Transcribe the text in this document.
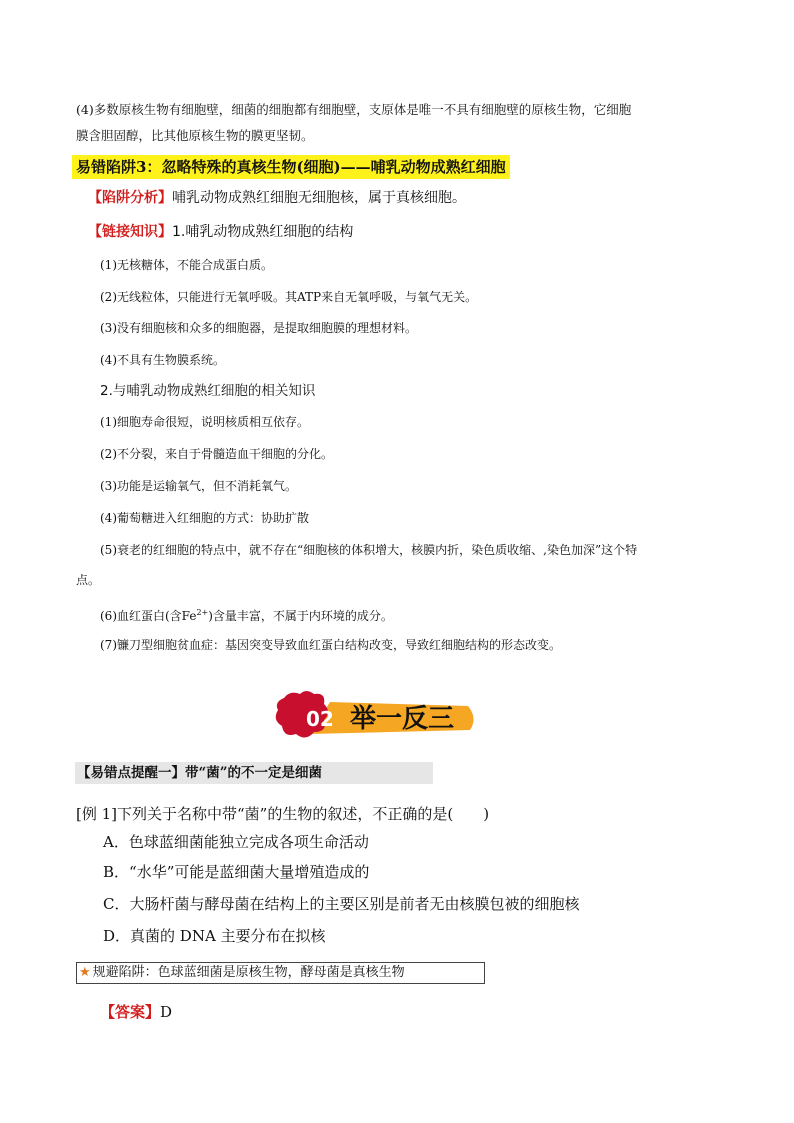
(4)多数原核生物有细胞壁，细菌的细胞都有细胞壁，支原体是唯一不具有细胞壁的原核生物，它细胞
膜含胆固醇，比其他原核生物的膜更坚韧。
易错陷阱3：忽略特殊的真核生物(细胞)——哺乳动物成熟红细胞
【陷阱分析】哺乳动物成熟红细胞无细胞核，属于真核细胞。
【链接知识】1.哺乳动物成熟红细胞的结构
(1)无核糖体，不能合成蛋白质。
(2)无线粒体，只能进行无氧呼吸。其ATP来自无氧呼吸，与氧气无关。
(3)没有细胞核和众多的细胞器，是提取细胞膜的理想材料。
(4)不具有生物膜系统。
2.与哺乳动物成熟红细胞的相关知识
(1)细胞寿命很短，说明核质相互依存。
(2)不分裂，来自于骨髓造血干细胞的分化。
(3)功能是运输氧气，但不消耗氧气。
(4)葡萄糖进入红细胞的方式：协助扩散
(5)衰老的红细胞的特点中，就不存在“细胞核的体积增大，核膜内折，染色质收缩、,染色加深”这个特
点。
(6)血红蛋白(含$Fe^{2+}$)含量丰富，不属于内环境的成分。
(7)镰刀型细胞贫血症：基因突变导致血红蛋白结构改变，导致红细胞结构的形态改变。
02 举一反三
【易错点提醒一】带“菌”的不一定是细菌
[例 1]下列关于名称中带“菌”的生物的叙述，不正确的是(　　)
A．色球蓝细菌能独立完成各项生命活动
B．“水华”可能是蓝细菌大量增殖造成的
C．大肠杆菌与酵母菌在结构上的主要区别是前者无由核膜包被的细胞核
D．真菌的 DNA 主要分布在拟核
★ 规避陷阱：色球蓝细菌是原核生物，酵母菌是真核生物
【答案】D
